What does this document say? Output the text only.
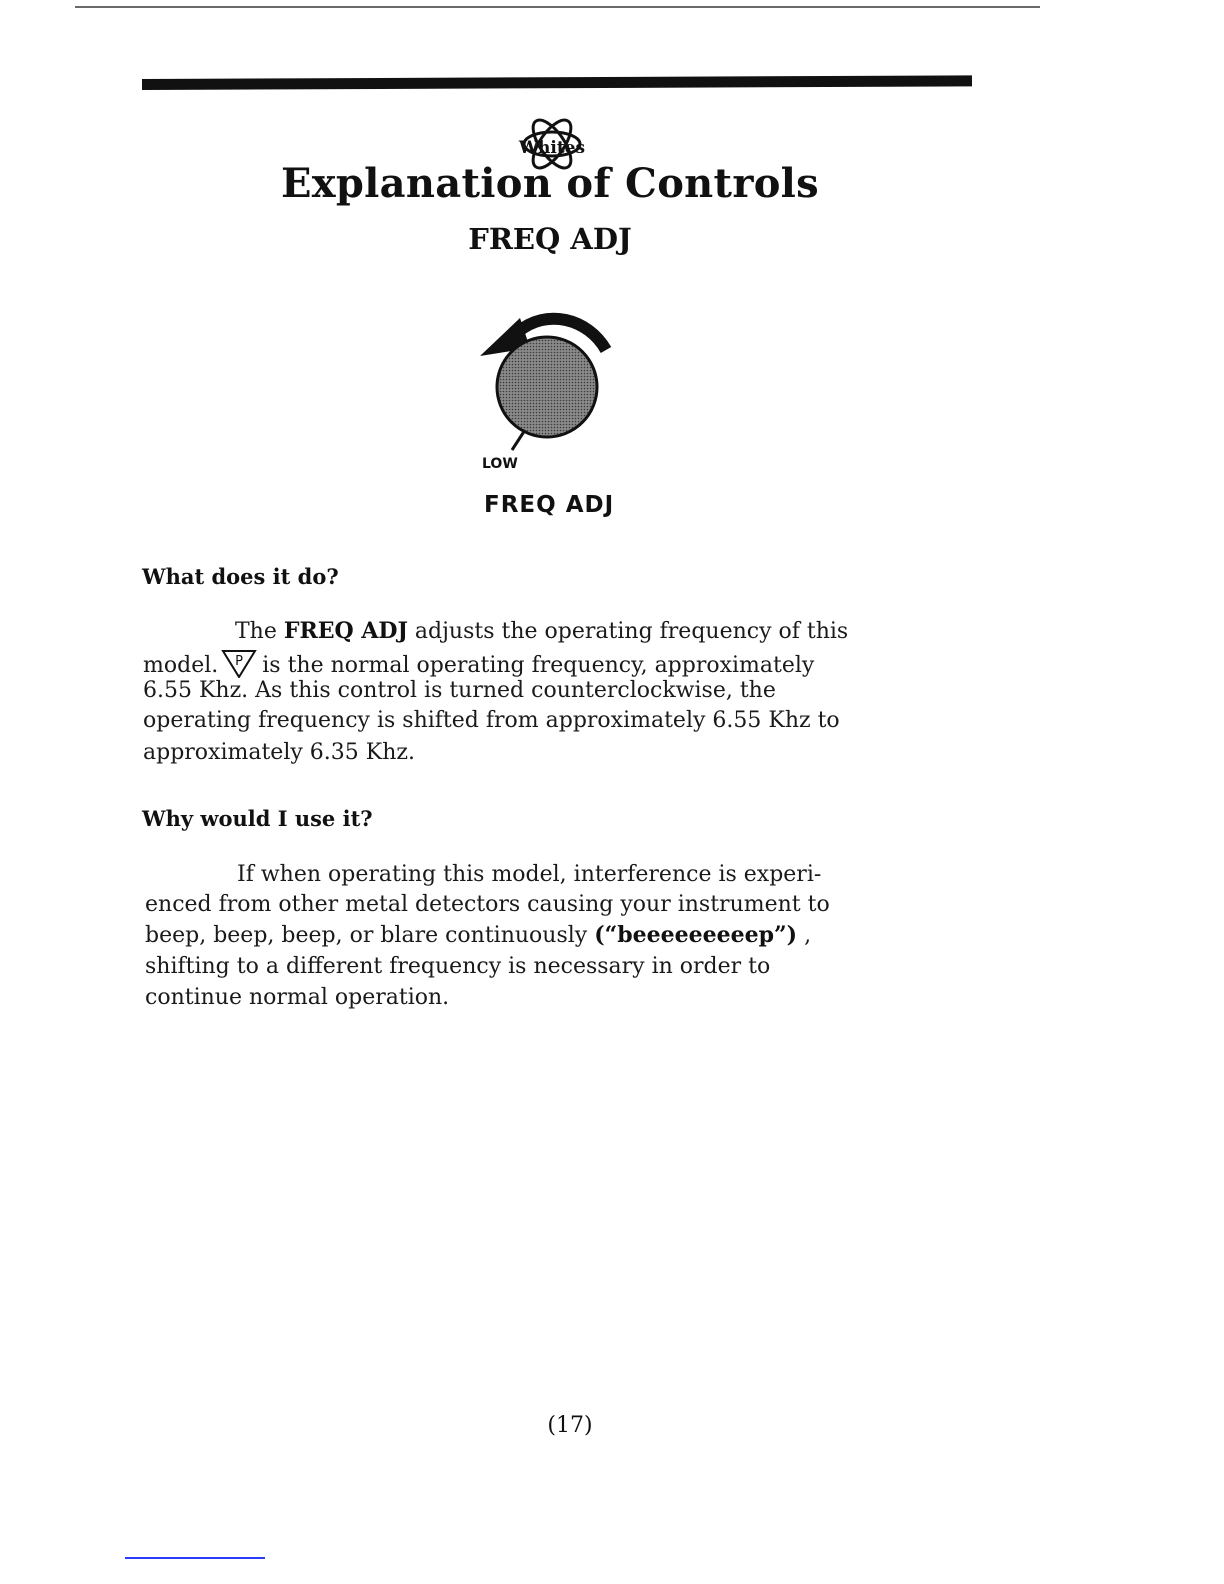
Whites
Explanation of Controls
FREQ ADJ
LOW
FREQ ADJ
What does it do?
The FREQ ADJ adjusts the operating frequency of this
model. P is the normal operating frequency, approximately
6.55 Khz. As this control is turned counterclockwise, the
operating frequency is shifted from approximately 6.55 Khz to
approximately 6.35 Khz.
Why would I use it?
If when operating this model, interference is experi-
enced from other metal detectors causing your instrument to
beep, beep, beep, or blare continuously (“beeeeeeeeep”) ,
shifting to a different frequency is necessary in order to
continue normal operation.
(17)
